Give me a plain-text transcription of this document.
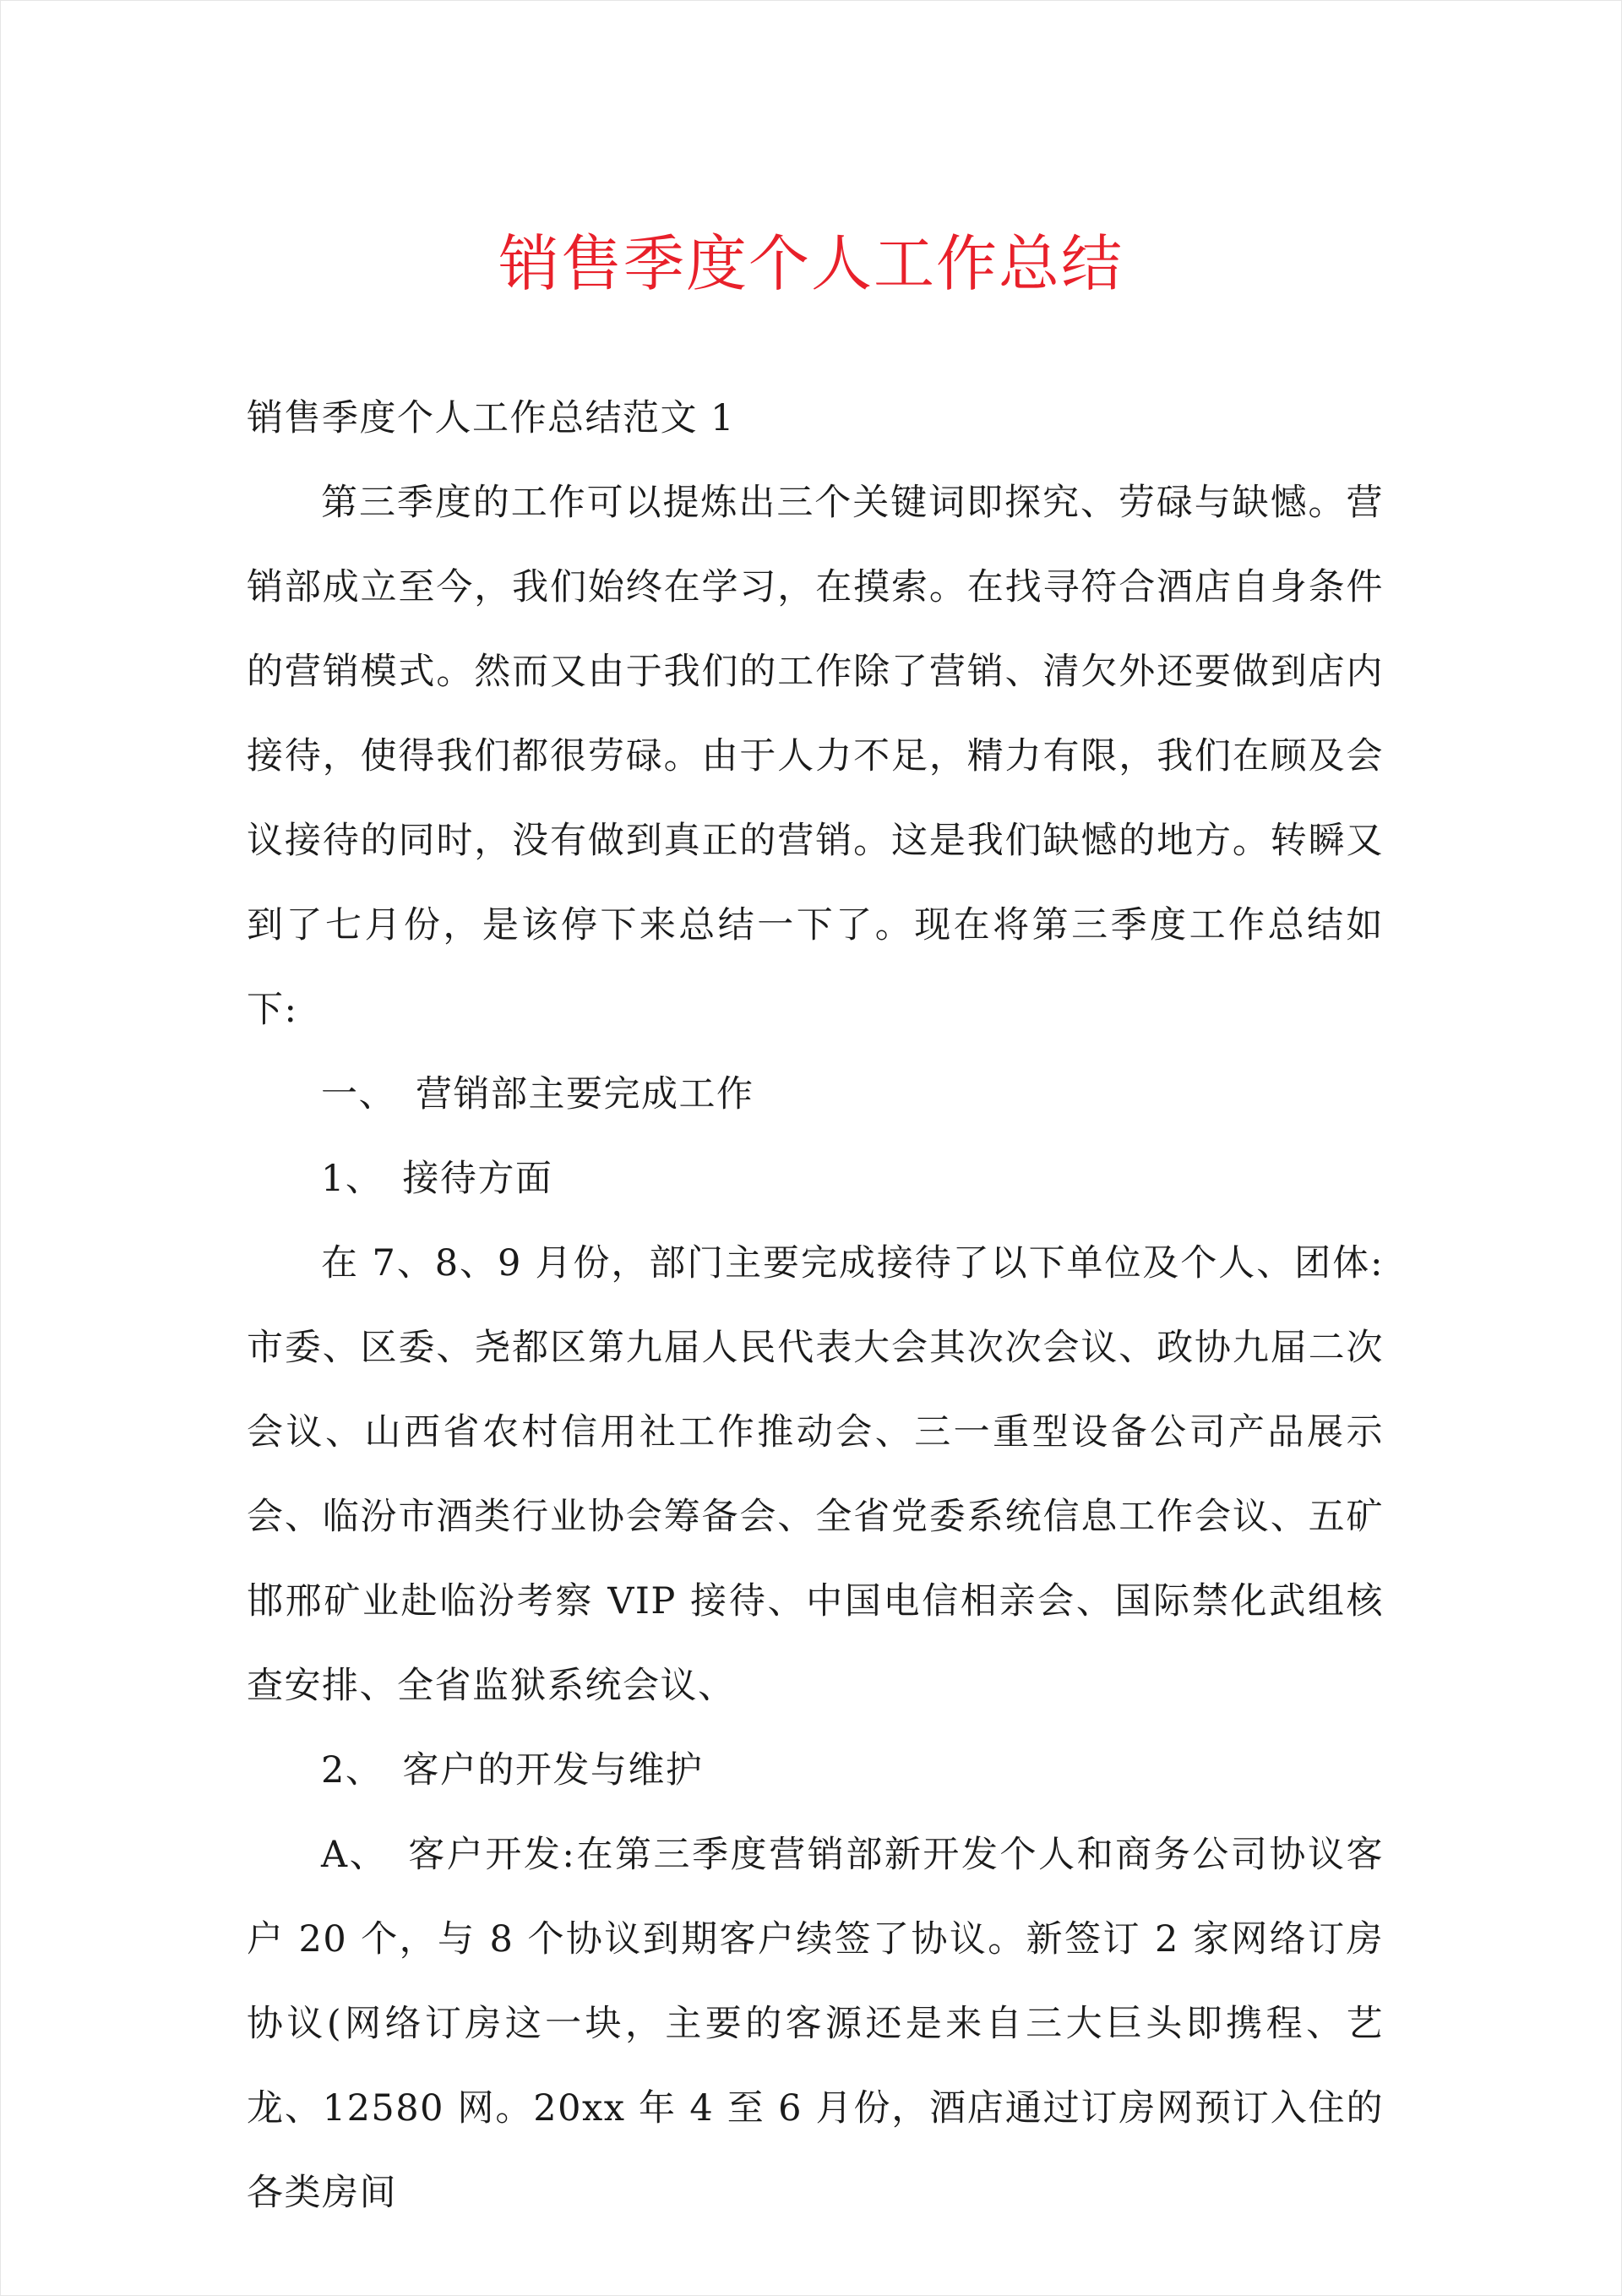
销售季度个人工作总结

销售季度个人工作总结范文 1

第三季度的工作可以提炼出三个关键词即探究、劳碌与缺憾。营销部成立至今，我们始终在学习，在摸索。在找寻符合酒店自身条件的营销模式。然而又由于我们的工作除了营销、清欠外还要做到店内接待，使得我们都很劳碌。由于人力不足，精力有限，我们在顾及会议接待的同时，没有做到真正的营销。这是我们缺憾的地方。转瞬又到了七月份，是该停下来总结一下了。现在将第三季度工作总结如下:

一、　营销部主要完成工作

1、　接待方面

在 7、8、9 月份，部门主要完成接待了以下单位及个人、团体:市委、区委、尧都区第九届人民代表大会其次次会议、政协九届二次会议、山西省农村信用社工作推动会、三一重型设备公司产品展示会、临汾市酒类行业协会筹备会、全省党委系统信息工作会议、五矿邯邢矿业赴临汾考察 VIP 接待、中国电信相亲会、国际禁化武组核查安排、全省监狱系统会议、

2、　客户的开发与维护

A、　客户开发:在第三季度营销部新开发个人和商务公司协议客户 20 个，与 8 个协议到期客户续签了协议。新签订 2 家网络订房协议(网络订房这一块，主要的客源还是来自三大巨头即携程、艺龙、12580 网。20xx 年 4 至 6 月份，酒店通过订房网预订入住的各类房间
